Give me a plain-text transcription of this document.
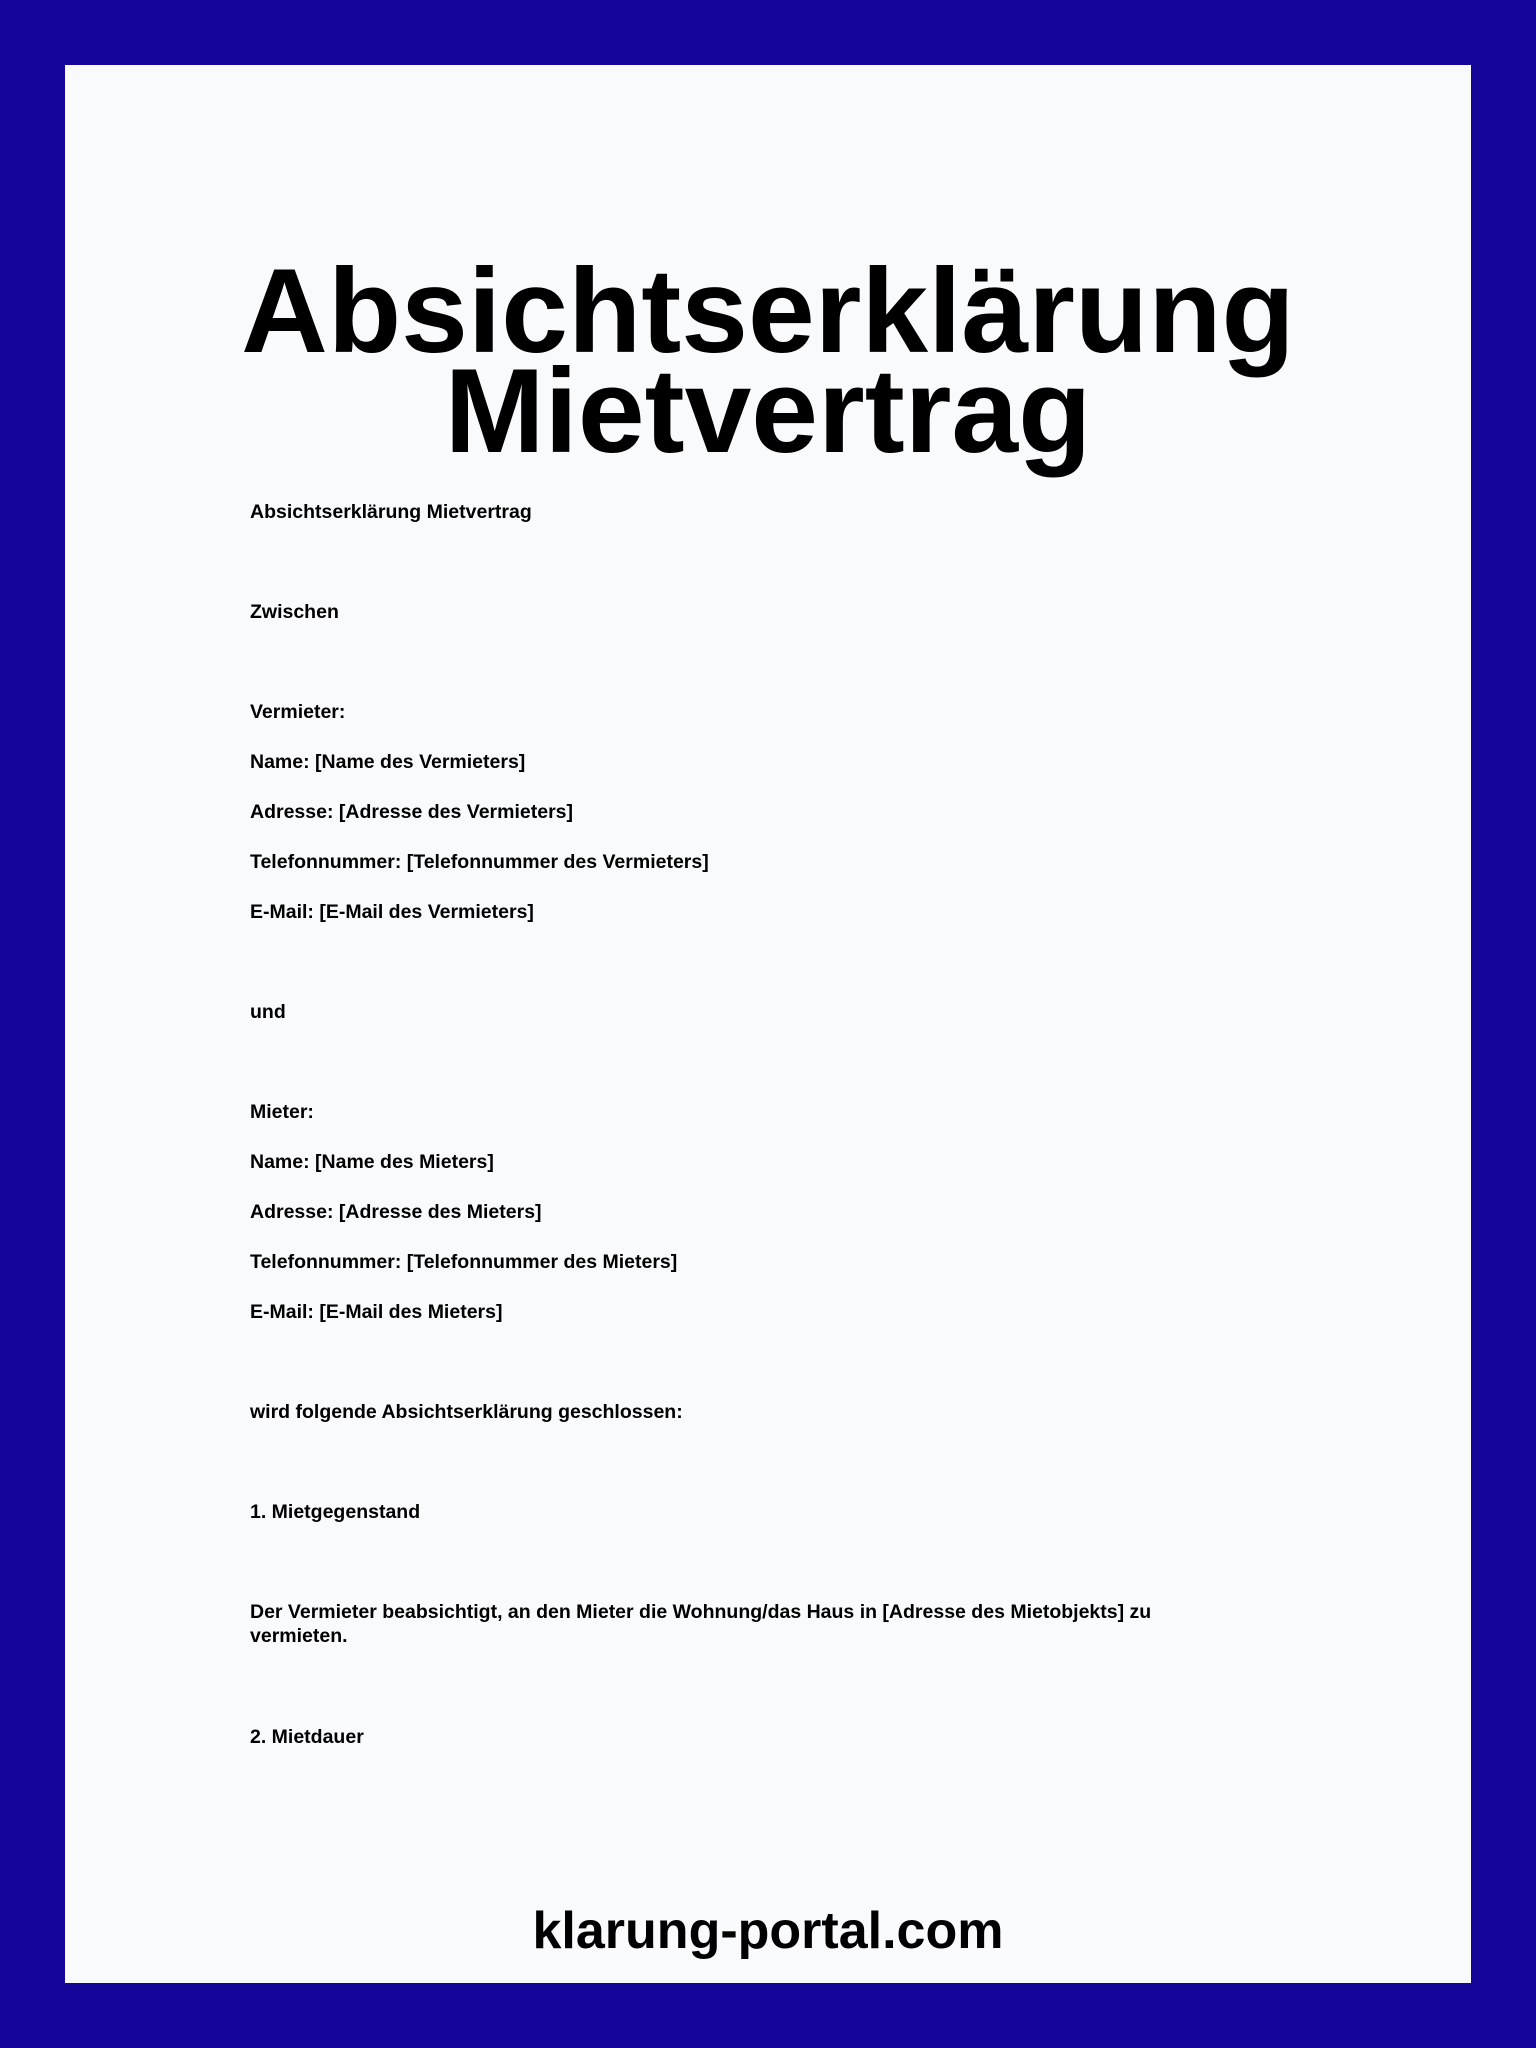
Absichtserklärung
Mietvertrag
Absichtserklärung Mietvertrag
Zwischen
Vermieter:
Name: [Name des Vermieters]
Adresse: [Adresse des Vermieters]
Telefonnummer: [Telefonnummer des Vermieters]
E-Mail: [E-Mail des Vermieters]
und
Mieter:
Name: [Name des Mieters]
Adresse: [Adresse des Mieters]
Telefonnummer: [Telefonnummer des Mieters]
E-Mail: [E-Mail des Mieters]
wird folgende Absichtserklärung geschlossen:
1. Mietgegenstand
Der Vermieter beabsichtigt, an den Mieter die Wohnung/das Haus in [Adresse des Mietobjekts] zu vermieten.
2. Mietdauer
klarung-portal.com
